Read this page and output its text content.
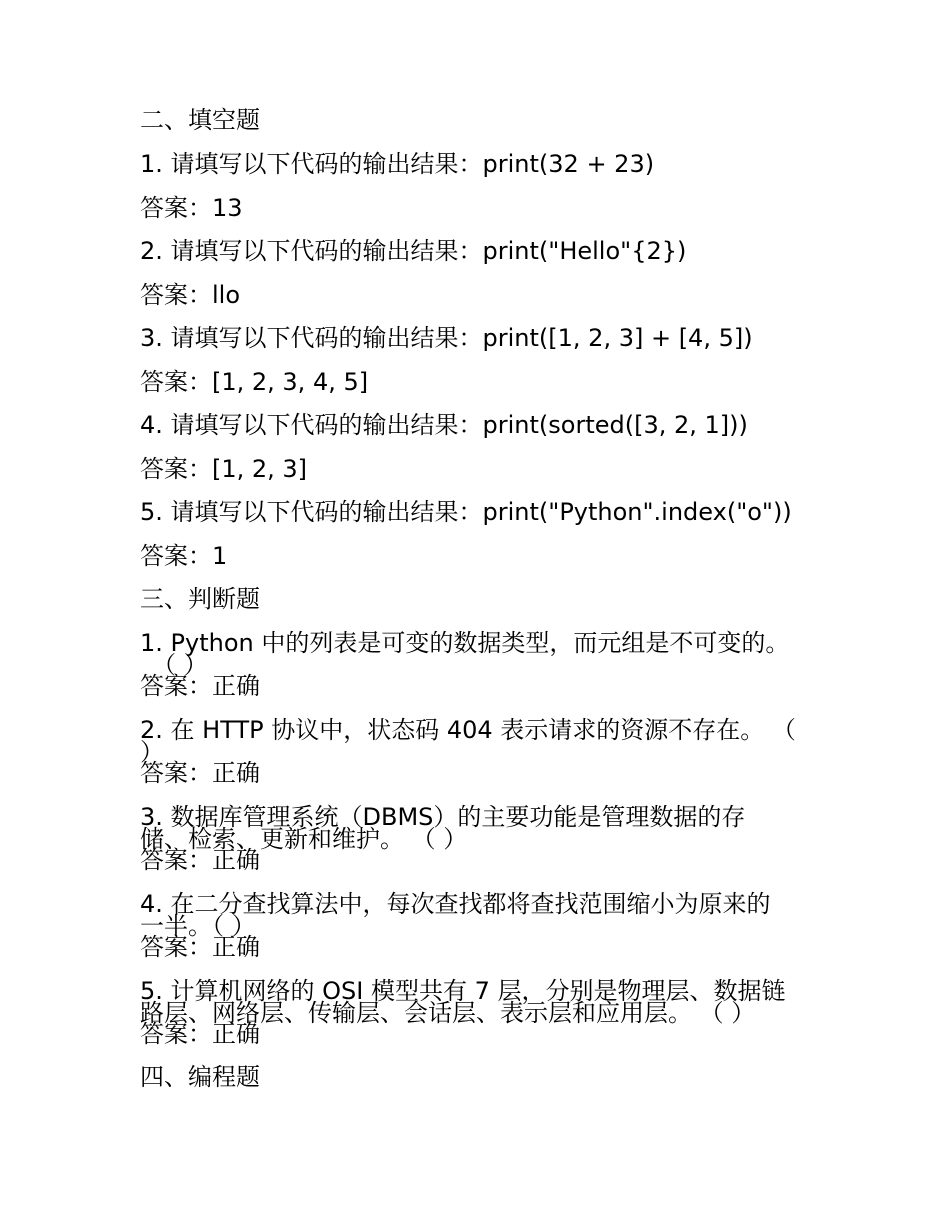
二、填空题
1. 请填写以下代码的输出结果：print(32 + 23)
答案：13
2. 请填写以下代码的输出结果：print("Hello"{2})
答案：llo
3. 请填写以下代码的输出结果：print([1, 2, 3] + [4, 5])
答案：[1, 2, 3, 4, 5]
4. 请填写以下代码的输出结果：print(sorted([3, 2, 1]))
答案：[1, 2, 3]
5. 请填写以下代码的输出结果：print("Python".index("o"))
答案：1
三、判断题
1. Python 中的列表是可变的数据类型，而元组是不可变的。
（ ）
答案：正确
2. 在 HTTP 协议中，状态码 404 表示请求的资源不存在。 （
）
答案：正确
3. 数据库管理系统（DBMS）的主要功能是管理数据的存
储、检索、更新和维护。 （ ）
答案：正确
4. 在二分查找算法中，每次查找都将查找范围缩小为原来的
一半。（ ）
答案：正确
5. 计算机网络的 OSI 模型共有 7 层，分别是物理层、数据链
路层、网络层、传输层、会话层、表示层和应用层。 （ ）
答案：正确
四、编程题
